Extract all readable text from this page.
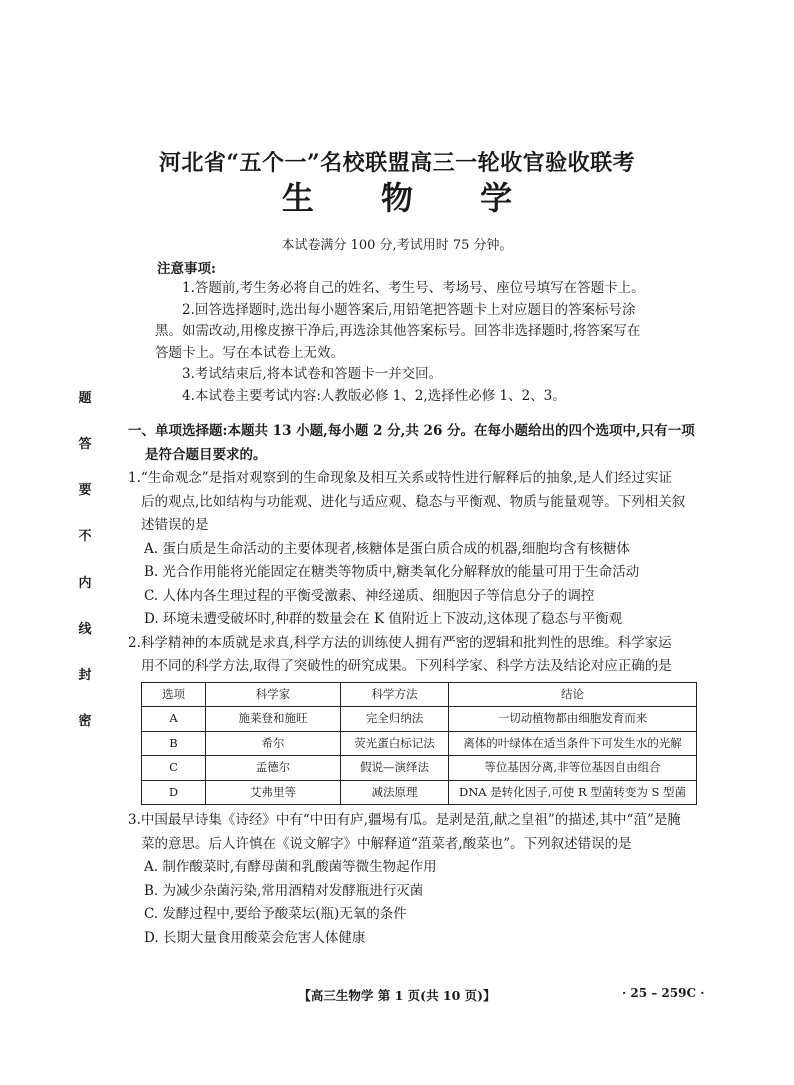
题
答
要
不
内
线
封
密
河北省“五个一”名校联盟高三一轮收官验收联考
生 物 学
本试卷满分 100 分,考试用时 75 分钟。
注意事项:

1.答题前,考生务必将自己的姓名、考生号、考场号、座位号填写在答题卡上。

2.回答选择题时,选出每小题答案后,用铅笔把答题卡上对应题目的答案标号涂

黑。如需改动,用橡皮擦干净后,再选涂其他答案标号。回答非选择题时,将答案写在

答题卡上。写在本试卷上无效。

3.考试结束后,将本试卷和答题卡一并交回。

4.本试卷主要考试内容:人教版必修 1、2,选择性必修 1、2、3。

一、单项选择题:本题共 13 小题,每小题 2 分,共 26 分。在每小题给出的四个选项中,只有一项
是符合题目要求的。

1.“生命观念”是指对观察到的生命现象及相互关系或特性进行解释后的抽象,是人们经过实证
后的观点,比如结构与功能观、进化与适应观、稳态与平衡观、物质与能量观等。下列相关叙
述错误的是

A. 蛋白质是生命活动的主要体现者,核糖体是蛋白质合成的机器,细胞均含有核糖体

B. 光合作用能将光能固定在糖类等物质中,糖类氧化分解释放的能量可用于生命活动

C. 人体内各生理过程的平衡受激素、神经递质、细胞因子等信息分子的调控

D. 环境未遭受破坏时,种群的数量会在 K 值附近上下波动,这体现了稳态与平衡观

2.科学精神的本质就是求真,科学方法的训练使人拥有严密的逻辑和批判性的思维。科学家运
用不同的科学方法,取得了突破性的研究成果。下列科学家、科学方法及结论对应正确的是

选项	科学家	科学方法	结论
A	施莱登和施旺	完全归纳法	一切动植物都由细胞发育而来
B	希尔	荧光蛋白标记法	离体的叶绿体在适当条件下可发生水的光解
C	孟德尔	假说—演绎法	等位基因分离,非等位基因自由组合
D	艾弗里等	减法原理	DNA 是转化因子,可使 R 型菌转变为 S 型菌

3.中国最早诗集《诗经》中有“中田有庐,疆埸有瓜。是剥是菹,献之皇祖”的描述,其中“菹”是腌
菜的意思。后人许慎在《说文解字》中解释道“菹菜者,酸菜也”。下列叙述错误的是

A. 制作酸菜时,有酵母菌和乳酸菌等微生物起作用

B. 为减少杂菌污染,常用酒精对发酵瓶进行灭菌

C. 发酵过程中,要给予酸菜坛(瓶)无氧的条件

D. 长期大量食用酸菜会危害人体健康

【高三生物学 第 1 页(共 10 页)】	· 25 – 259C ·
